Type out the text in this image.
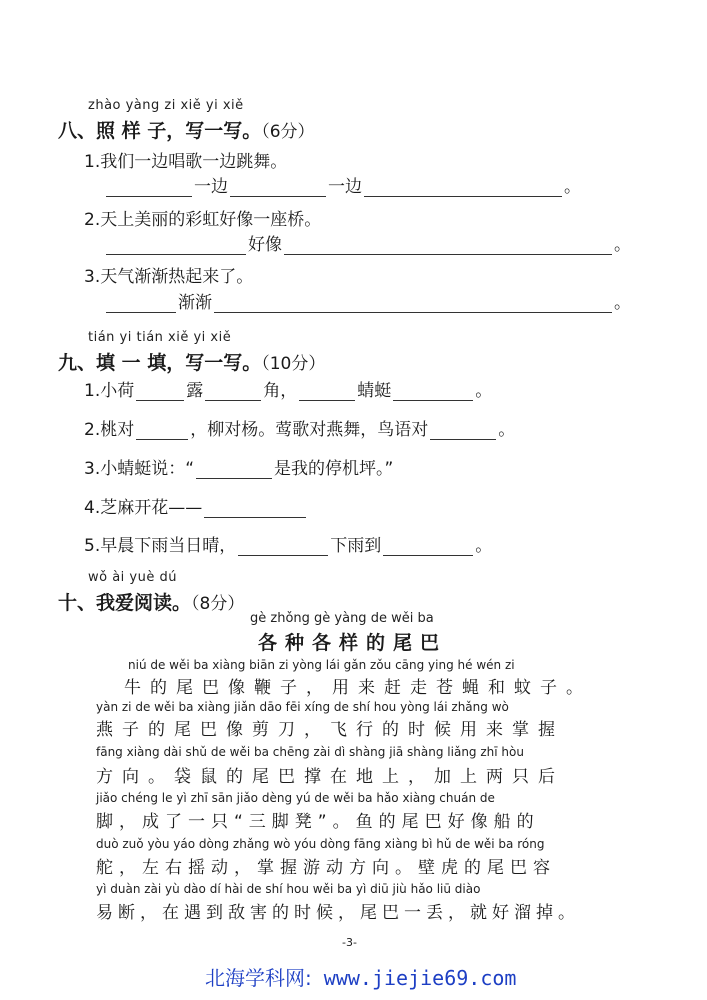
zhào yàng zi xiě yi xiě
八、照 样 子，写一写。（6分）
1.我们一边唱歌一边跳舞。
一边	一边	。
2.天上美丽的彩虹好像一座桥。
好像	。
3.天气渐渐热起来了。
渐渐	。
tián yi tián xiě yi xiě
九、填 一 填，写一写。（10分）
1.小荷	露	角，	蜻蜓	。
2.桃对	，柳对杨。莺歌对燕舞，鸟语对	。
3.小蜻蜓说：“	是我的停机坪。”
4.芝麻开花——
5.早晨下雨当日晴，	下雨到	。
wǒ ài yuè dú
十、我爱阅读。（8分）
gè zhǒng gè yàng de wěi ba
各种各样的尾巴
niú de wěi ba xiàng biān zi yòng lái gǎn zǒu cāng ying hé wén zi
牛的尾巴像鞭子，用来赶走苍蝇和蚊子。
yàn zi de wěi ba xiàng jiǎn dāo fēi xíng de shí hou yòng lái zhǎng wò
燕子的尾巴像剪刀，飞行的时候用来掌握
fāng xiàng dài shǔ de wěi ba chēng zài dì shàng jiā shàng liǎng zhī hòu
方向。袋鼠的尾巴撑在地上，加上两只后
jiǎo chéng le yì zhī sān jiǎo dèng yú de wěi ba hǎo xiàng chuán de
脚，成了一只“三脚凳”。鱼的尾巴好像船的
duò zuǒ yòu yáo dòng zhǎng wò yóu dòng fāng xiàng bì hǔ de wěi ba róng
舵，左右摇动，掌握游动方向。壁虎的尾巴容
yì duàn zài yù dào dí hài de shí hou wěi ba yì diū jiù hǎo liū diào
易断，在遇到敌害的时候，尾巴一丢，就好溜掉。
-3-
北海学科网: www.jiejie69.com
